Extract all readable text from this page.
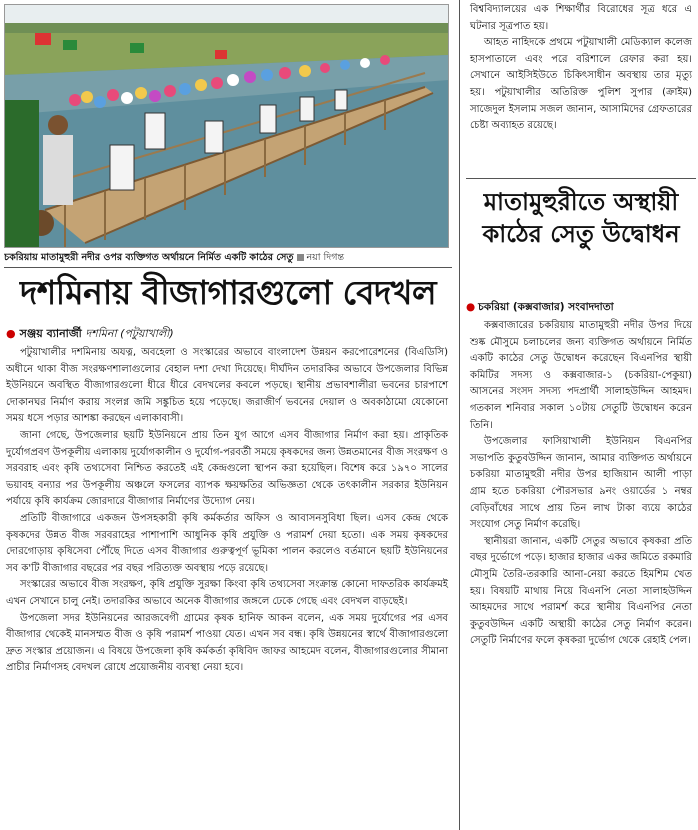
চকরিয়ায় মাতামুহুরী নদীর ওপর ব্যক্তিগত অর্থায়নে নির্মিত একটি কাঠের সেতু নয়া দিগন্ত
দশমিনায় বীজাগারগুলো বেদখল
● সঞ্জয় ব্যানার্জী দশমিনা (পটুয়াখালী)

পটুয়াখালীর দশমিনায় অযত্ন, অবহেলা ও সংস্কারের অভাবে বাংলাদেশ উন্নয়ন করপোরেশনের (বিএডিসি) অধীনে থাকা বীজ সংরক্ষণশালাগুলোর বেহাল দশা দেখা দিয়েছে। দীর্ঘদিন তদারকির অভাবে উপজেলার বিভিন্ন ইউনিয়নে অবস্থিত বীজাগারগুলো ধীরে ধীরে বেদখলের কবলে পড়ছে। স্থানীয় প্রভাবশালীরা ভবনের চারপাশে দোকানঘর নির্মাণ করায় সংলগ্ন জমি সঙ্কুচিত হয়ে পড়েছে। জরাজীর্ণ ভবনের দেয়াল ও অবকাঠামো যেকোনো সময় ধসে পড়ার আশঙ্কা করছেন এলাকাবাসী।

জানা গেছে, উপজেলার ছয়টি ইউনিয়নে প্রায় তিন যুগ আগে এসব বীজাগার নির্মাণ করা হয়। প্রাকৃতিক দুর্যোগপ্রবণ উপকূলীয় এলাকায় দুর্যোগকালীন ও দুর্যোগ-পরবর্তী সময়ে কৃষকদের জন্য উন্নতমানের বীজ সংরক্ষণ ও সরবরাহ এবং কৃষি তথ্যসেবা নিশ্চিত করতেই এই কেন্দ্রগুলো স্থাপন করা হয়েছিল। বিশেষ করে ১৯৭০ সালের ভয়াবহ বন্যার পর উপকূলীয় অঞ্চলে ফসলের ব্যাপক ক্ষয়ক্ষতির অভিজ্ঞতা থেকে তৎকালীন সরকার ইউনিয়ন পর্যায়ে কৃষি কার্যক্রম জোরদারে বীজাগার নির্মাণের উদ্যোগ নেয়।

প্রতিটি বীজাগারে একজন উপসহকারী কৃষি কর্মকর্তার অফিস ও আবাসনসুবিধা ছিল। এসব কেন্দ্র থেকে কৃষকদের উন্নত বীজ সরবরাহের পাশাপাশি আধুনিক কৃষি প্রযুক্তি ও পরামর্শ দেয়া হতো। এক সময় কৃষকদের দোরগোড়ায় কৃষিসেবা পৌঁছে দিতে এসব বীজাগার গুরুত্বপূর্ণ ভূমিকা পালন করলেও বর্তমানে ছয়টি ইউনিয়নের সব ক'টি বীজাগার বছরের পর বছর পরিত্যক্ত অবস্থায় পড়ে রয়েছে।

সংস্কারের অভাবে বীজ সংরক্ষণ, কৃষি প্রযুক্তি সুরক্ষা কিংবা কৃষি তথ্যসেবা সংক্রান্ত কোনো দাফতরিক কার্যক্রমই এখন সেখানে চালু নেই। তদারকির অভাবে অনেক বীজাগার জঙ্গলে ঢেকে গেছে এবং বেদখল বাড়ছেই।

উপজেলা সদর ইউনিয়নের আরজবেগী গ্রামের কৃষক হানিফ আকন বলেন, এক সময় দুর্যোগের পর এসব বীজাগার থেকেই মানসম্মত বীজ ও কৃষি পরামর্শ পাওয়া যেত। এখন সব বন্ধ। কৃষি উন্নয়নের স্বার্থে বীজাগারগুলো দ্রুত সংস্কার প্রয়োজন। এ বিষয়ে উপজেলা কৃষি কর্মকর্তা কৃষিবিদ জাফর আহমেদ বলেন, বীজাগারগুলোর সীমানা প্রাচীর নির্মাণসহ বেদখল রোধে প্রয়োজনীয় ব্যবস্থা নেয়া হবে।

বিশ্ববিদ্যালয়ের এক শিক্ষার্থীর বিরোধের সূত্র ধরে এ ঘটনার সূত্রপাত হয়।

আহত নাহিদকে প্রথমে পটুয়াখালী মেডিক্যাল কলেজ হাসপাতালে এবং পরে বরিশালে রেফার করা হয়। সেখানে আইসিইউতে চিকিৎসাধীন অবস্থায় তার মৃত্যু হয়। পটুয়াখালীর অতিরিক্ত পুলিশ সুপার (ক্রাইম) সাজেদুল ইসলাম সজল জানান, আসামিদের গ্রেফতারের চেষ্টা অব্যাহত রয়েছে।

মাতামুহুরীতে অস্থায়ী কাঠের সেতু উদ্বোধন
● চকরিয়া (কক্সবাজার) সংবাদদাতা

কক্সবাজারের চকরিয়ায় মাতামুহুরী নদীর উপর দিয়ে শুষ্ক মৌসুমে চলাচলের জন্য ব্যক্তিগত অর্থায়নে নির্মিত একটি কাঠের সেতু উদ্বোধন করেছেন বিএনপির স্থায়ী কমিটির সদস্য ও কক্সবাজার-১ (চকরিয়া-পেকুয়া) আসনের সংসদ সদস্য পদপ্রার্থী সালাহউদ্দিন আহমদ। গতকাল শনিবার সকাল ১০টায় সেতুটি উদ্বোধন করেন তিনি।

উপজেলার ফাসিয়াখালী ইউনিয়ন বিএনপির সভাপতি কুতুবউদ্দিন জানান, আমার ব্যক্তিগত অর্থায়নে চকরিয়া মাতামুহুরী নদীর উপর হাজিয়ান আলী পাড়া গ্রাম হতে চকরিয়া পৌরসভার ৯নং ওয়ার্ডের ১ নম্বর বেড়িবাঁধের সাথে প্রায় তিন লাখ টাকা ব্যয়ে কাঠের সংযোগ সেতু নির্মাণ করেছি।

স্থানীয়রা জানান, একটি সেতুর অভাবে কৃষকরা প্রতি বছর দুর্ভোগে পড়ে। হাজার হাজার একর জমিতে রকমারি মৌসুমি তৈরি-তরকারি আনা-নেয়া করতে হিমশিম খেত হয়। বিষয়টি মাথায় নিয়ে বিএনপি নেতা সালাহউদ্দিন আহমদের সাথে পরামর্শ করে স্থানীয় বিএনপির নেতা কুতুবউদ্দিন একটি অস্থায়ী কাঠের সেতু নির্মাণ করেন। সেতুটি নির্মাণের ফলে কৃষকরা দুর্ভোগ থেকে রেহাই পেল।
